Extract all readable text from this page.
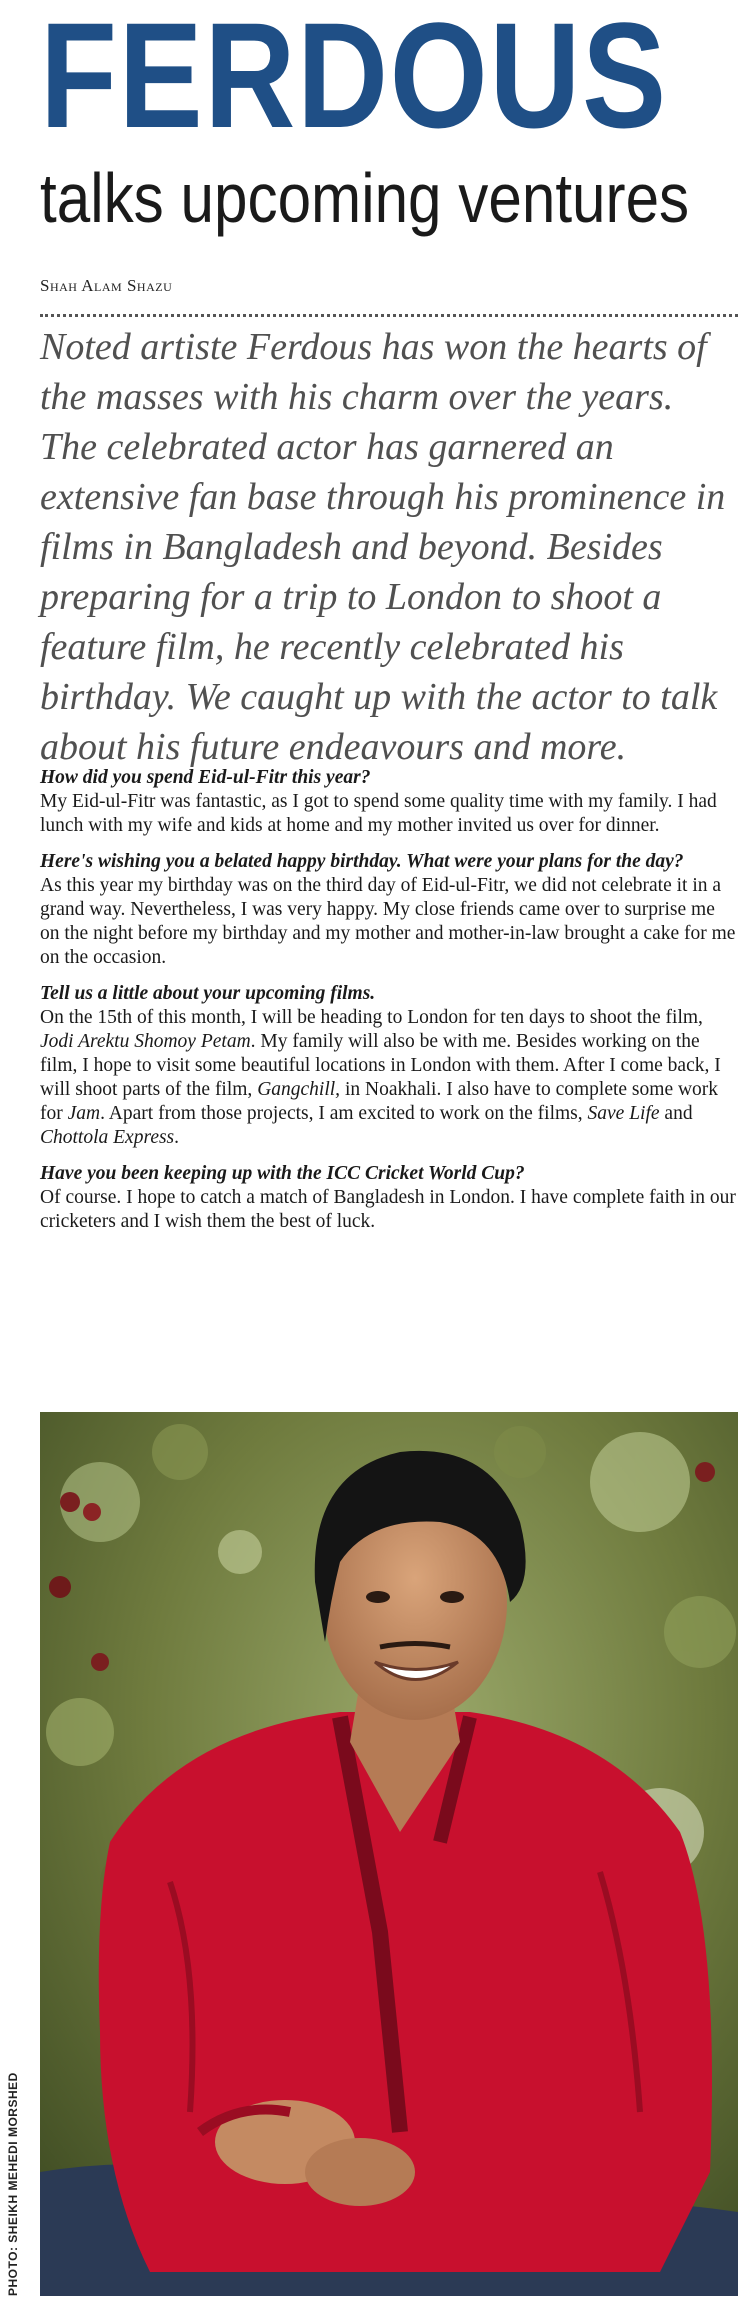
FERDOUS
talks upcoming ventures
Shah Alam Shazu
Noted artiste Ferdous has won the hearts of the masses with his charm over the years. The celebrated actor has garnered an extensive fan base through his prominence in films in Bangladesh and beyond. Besides preparing for a trip to London to shoot a feature film, he recently celebrated his birthday. We caught up with the actor to talk about his future endeavours and more.
How did you spend Eid-ul-Fitr this year?
My Eid-ul-Fitr was fantastic, as I got to spend some quality time with my family. I had lunch with my wife and kids at home and my mother invited us over for dinner.
Here's wishing you a belated happy birthday. What were your plans for the day?
As this year my birthday was on the third day of Eid-ul-Fitr, we did not celebrate it in a grand way. Nevertheless, I was very happy. My close friends came over to surprise me on the night before my birthday and my mother and mother-in-law brought a cake for me on the occasion.
Tell us a little about your upcoming films.
On the 15th of this month, I will be heading to London for ten days to shoot the film, Jodi Arektu Shomoy Petam. My family will also be with me. Besides working on the film, I hope to visit some beautiful locations in London with them. After I come back, I will shoot parts of the film, Gangchill, in Noakhali. I also have to complete some work for Jam. Apart from those projects, I am excited to work on the films, Save Life and Chottola Express.
Have you been keeping up with the ICC Cricket World Cup?
Of course. I hope to catch a match of Bangladesh in London. I have complete faith in our cricketers and I wish them the best of luck.
PHOTO: SHEIKH MEHEDI MORSHED
